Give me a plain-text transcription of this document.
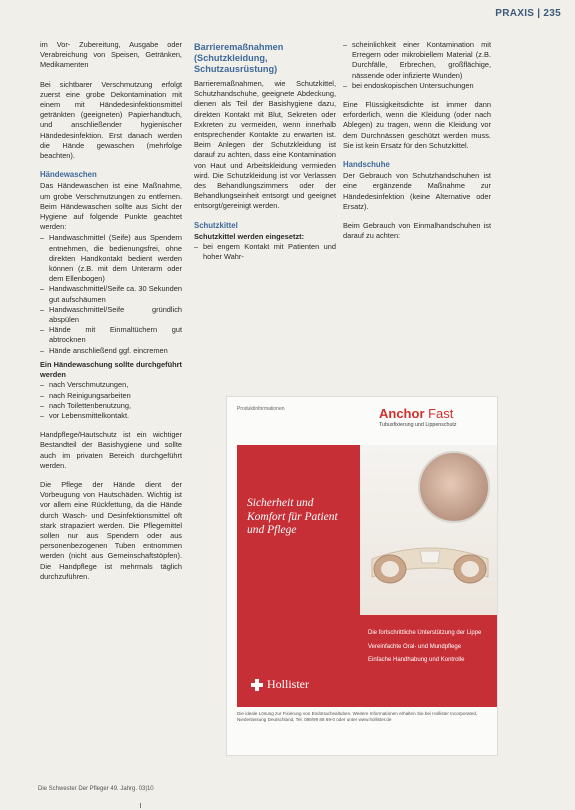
PRAXIS | 235

im Vor- Zubereitung, Ausgabe oder Verabreichung von Speisen, Getränken, Medikamenten

Bei sichtbarer Verschmutzung erfolgt zuerst eine grobe Dekontamination mit einem mit Händedesinfektionsmittel getränkten (geeigneten) Papierhandtuch, und anschließender hygienischer Händedesinfektion. Erst danach werden die Hände gewaschen (mehrfolge beachten).

Händewaschen

Das Händewaschen ist eine Maßnahme, um grobe Verschmutzungen zu entfernen. Beim Händewaschen sollte aus Sicht der Hygiene auf folgende Punkte geachtet werden:

– Handwaschmittel (Seife) aus Spendern entnehmen, die bedienungsfrei, ohne direkten Handkontakt bedient werden können (z.B. mit dem Unterarm oder dem Ellenbogen)
– Handwaschmittel/Seife ca. 30 Sekunden gut aufschäumen
– Handwaschmittel/Seife gründlich abspülen
– Hände mit Einmaltüchern gut abtrocknen
– Hände anschließend ggf. eincremen
Ein Händewaschung sollte durchgeführt werden
– nach Verschmutzungen,
– nach Reinigungsarbeiten
– nach Toilettenbenutzung,
– vor Lebensmittelkontakt.

Handpflege/Hautschutz ist ein wichtiger Bestandteil der Basishygiene und sollte auch im privaten Bereich durchgeführt werden.

Die Pflege der Hände dient der Vorbeugung von Hautschäden. Wichtig ist vor allem eine Rückfettung, da die Hände durch Wasch- und Desinfektionsmittel oft stark strapaziert werden. Die Pflegemittel sollen nur aus Spendern oder aus personenbezogenen Tuben entnommen werden (nicht aus Gemeinschaftstöpfen). Die Handpflege ist mehrmals täglich durchzuführen.

Barrieremaßnahmen (Schutzkleidung, Schutzausrüstung)

Barrieremaßnahmen, wie Schutzkittel, Schutzhandschuhe, geeignete Abdeckung, dienen als Teil der Basishygiene dazu, direkten Kontakt mit Blut, Sekreten oder Exkreten zu vermeiden, wenn innerhalb entsprechender Kontakte zu erwarten ist. Beim Anlegen der Schutzkleidung ist darauf zu achten, dass eine Kontamination von Haut und Arbeitskleidung vermieden wird. Die Schutzkleidung ist vor Verlassen des Behandlungszimmers oder der Behandlungseinheit entsorgt und geeignet entsorgt/gereinigt werden.

Schutzkittel
Schutzkittel werden eingesetzt:
– bei engem Kontakt mit Patienten und hoher Wahr-
– scheinlichkeit einer Kontamination mit Erregern oder mikrobiellem Material (z.B. Durchfälle, Erbrechen, großflächige, nässende oder infizierte Wunden)
– bei endoskopischen Untersuchungen

Eine Flüssigkeitsdichte ist immer dann erforderlich, wenn die Kleidung (oder nach Ablegen) zu tragen, wenn die Kleidung vor dem Durchnässen geschützt werden muss. Sie ist kein Ersatz für den Schutzkittel.

Handschuhe

Der Gebrauch von Schutzhandschuhen ist eine ergänzende Maßnahme zur Händedesinfektion (keine Alternative oder Ersatz).

Beim Gebrauch von Einmalhandschuhen ist darauf zu achten:

Produktinformationen	Anchor Fast
Tubusfixierung und Lippenschutz
Sicherheit und Komfort für Patient und Pflege
Hollister
Die fortschrittliche Unterstützung der Lippe
Vereinfachte Oral- und Mundpflege
Einfache Handhabung und Kontrolle
Die ideale Lösung zur Fixierung von Endotrachealtuben. Weitere Informationen erhalten Sie bei Hollister Incorporated, Niederlassung Deutschland, Tel. 089/99 88 69-0 oder unter www.hollister.de
Die Schwester Der Pfleger 49. Jahrg. 03|10
